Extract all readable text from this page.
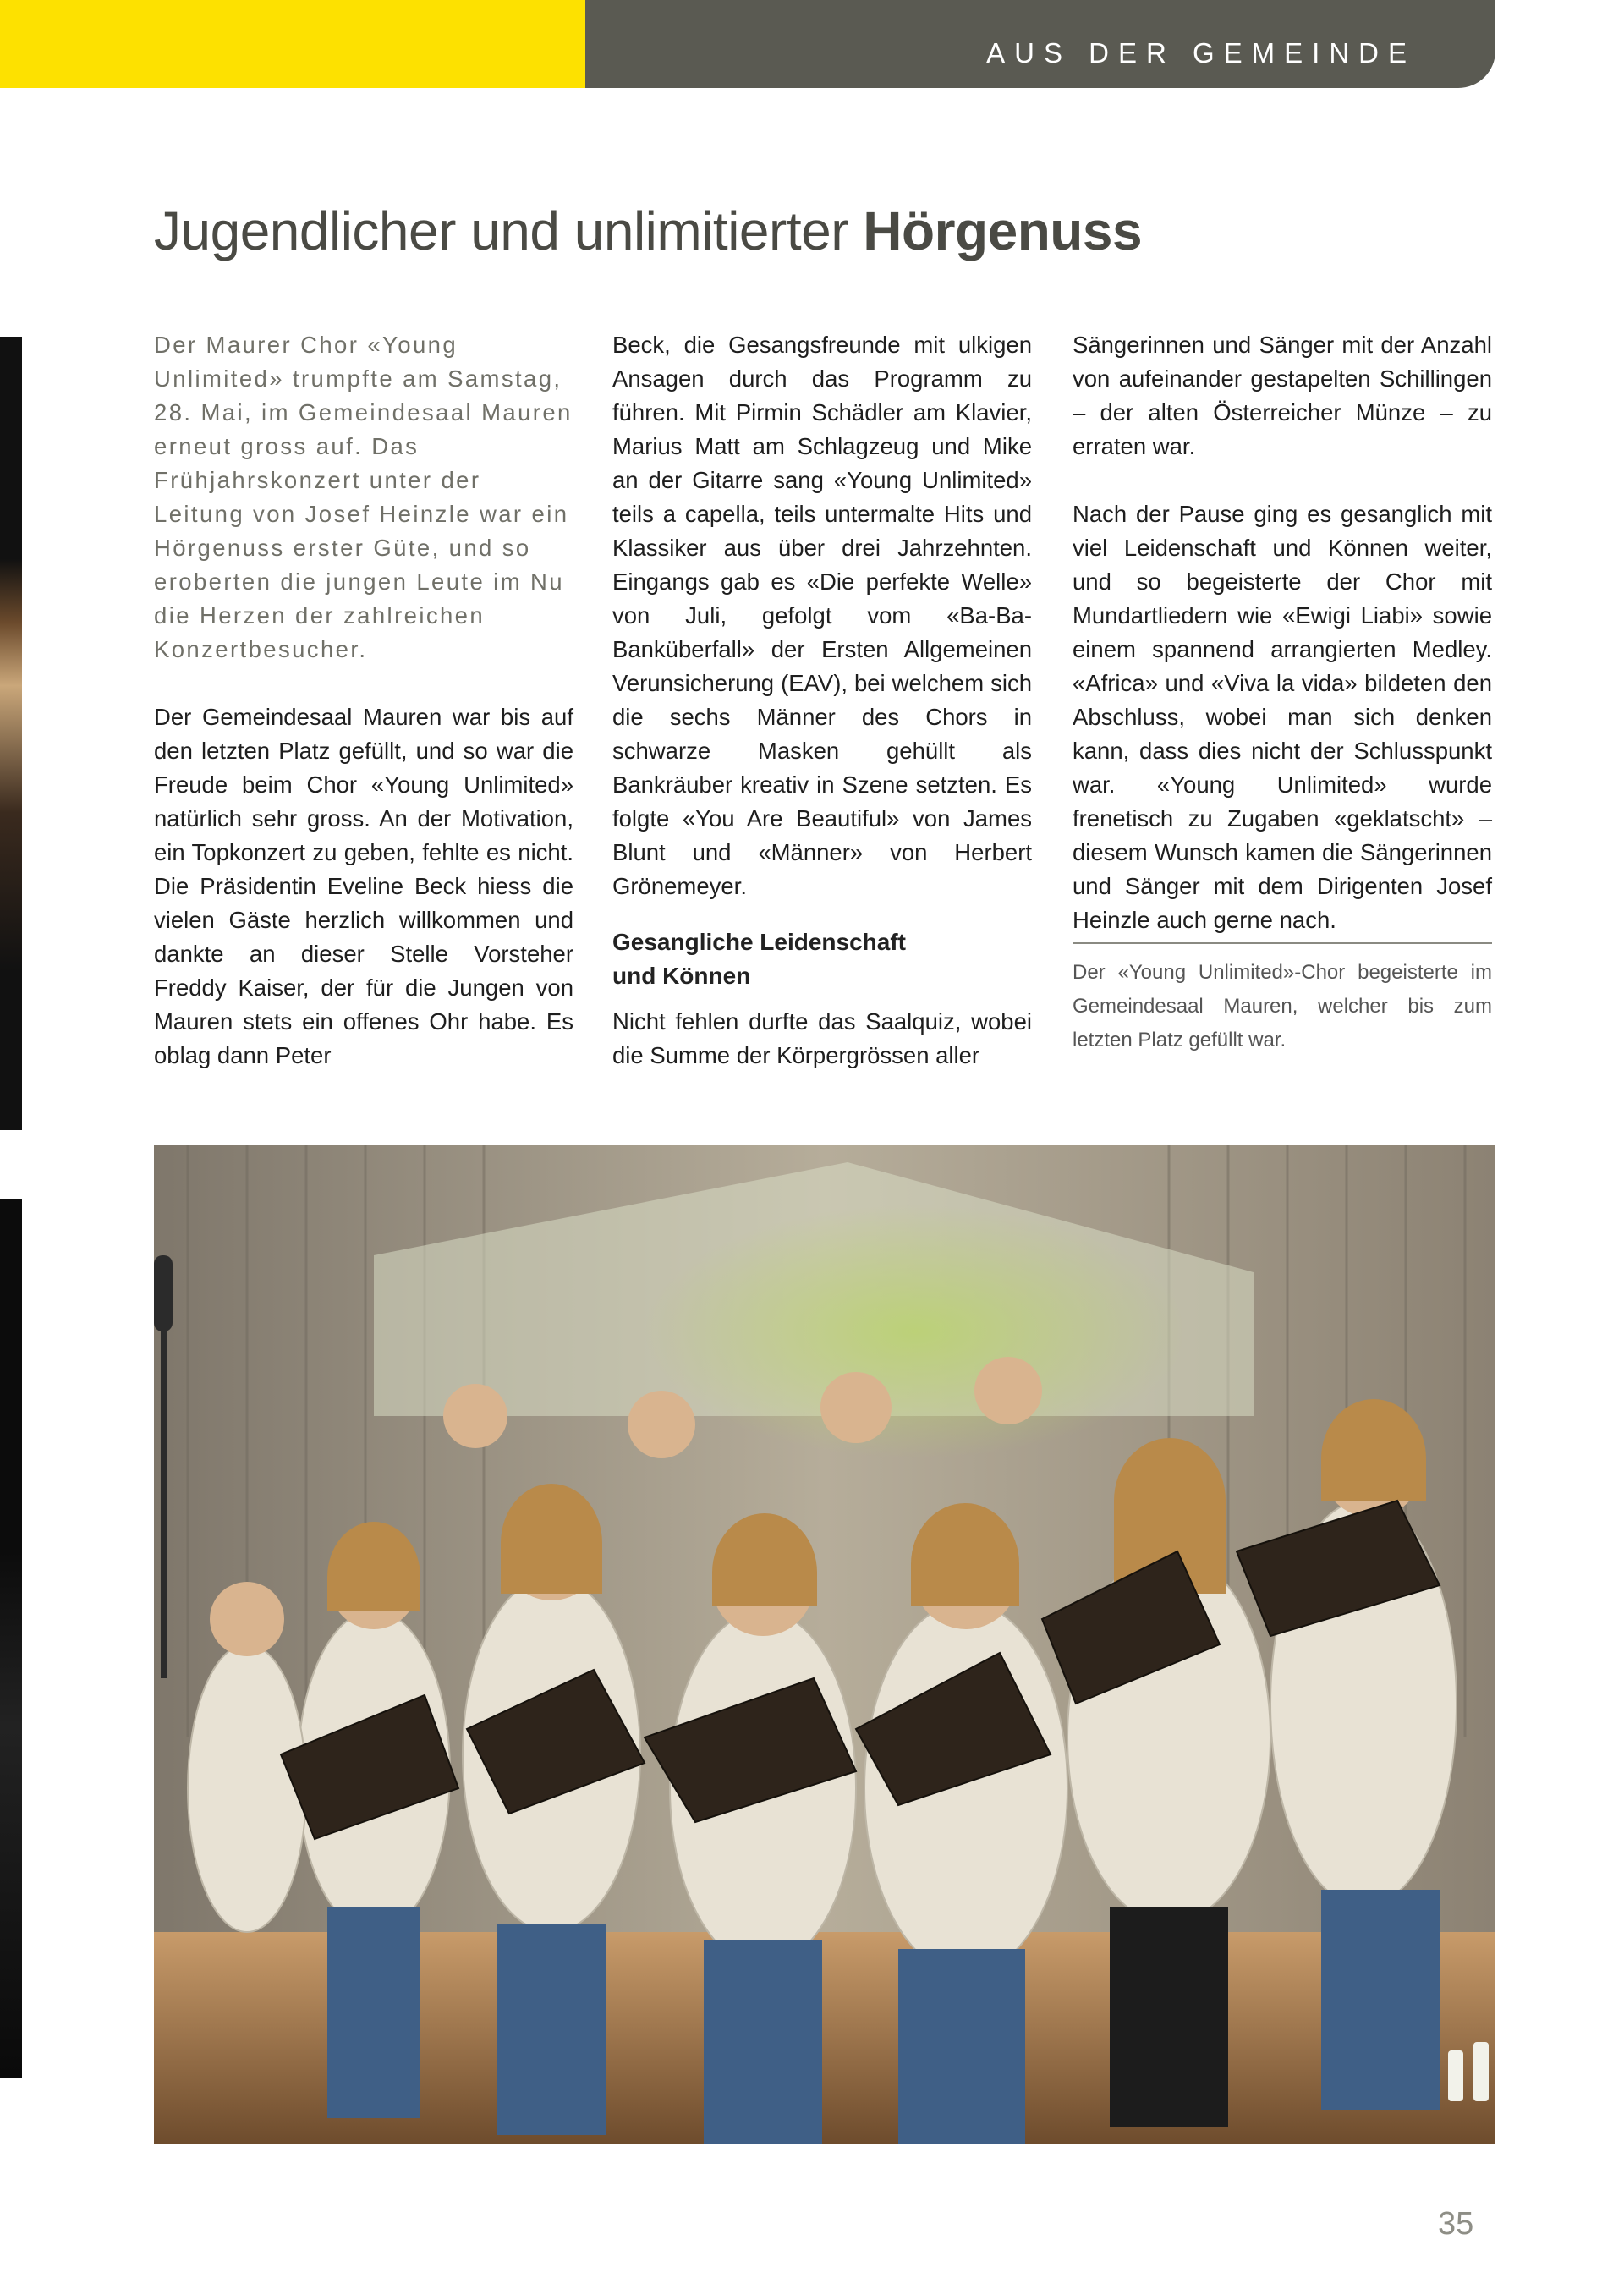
AUS DER GEMEINDE
Jugendlicher und unlimitierter Hörgenuss

Der Maurer Chor «Young Unlimited» trumpfte am Samstag, 28. Mai, im Gemeindesaal Mauren erneut gross auf. Das Frühjahrskonzert unter der Leitung von Josef Heinzle war ein Hörgenuss erster Güte, und so eroberten die jungen Leute im Nu die Herzen der zahlreichen Konzertbesucher.

Der Gemeindesaal Mauren war bis auf den letzten Platz gefüllt, und so war die Freude beim Chor «Young Unlimited» natürlich sehr gross. An der Motivation, ein Topkonzert zu geben, fehlte es nicht. Die Präsidentin Eveline Beck hiess die vielen Gäste herzlich willkommen und dankte an dieser Stelle Vorsteher Freddy Kaiser, der für die Jungen von Mauren stets ein offenes Ohr habe. Es oblag dann Peter

Beck, die Gesangsfreunde mit ulkigen Ansagen durch das Programm zu führen. Mit Pirmin Schädler am Klavier, Marius Matt am Schlagzeug und Mike an der Gitarre sang «Young Unlimited» teils a capella, teils untermalte Hits und Klassiker aus über drei Jahrzehnten. Eingangs gab es «Die perfekte Welle» von Juli, gefolgt vom «Ba-Ba-Banküberfall» der Ersten Allgemeinen Verunsicherung (EAV), bei welchem sich die sechs Männer des Chors in schwarze Masken gehüllt als Bankräuber kreativ in Szene setzten. Es folgte «You Are Beautiful» von James Blunt und «Männer» von Herbert Grönemeyer.

Gesangliche Leidenschaft und Können

Nicht fehlen durfte das Saalquiz, wobei die Summe der Körpergrössen aller

Sängerinnen und Sänger mit der Anzahl von aufeinander gestapelten Schillingen – der alten Österreicher Münze – zu erraten war.

Nach der Pause ging es gesanglich mit viel Leidenschaft und Können weiter, und so begeisterte der Chor mit Mundartliedern wie «Ewigi Liabi» sowie einem spannend arrangierten Medley. «Africa» und «Viva la vida» bildeten den Abschluss, wobei man sich denken kann, dass dies nicht der Schlusspunkt war. «Young Unlimited» wurde frenetisch zu Zugaben «geklatscht» – diesem Wunsch kamen die Sängerinnen und Sänger mit dem Dirigenten Josef Heinzle auch gerne nach.

Der «Young Unlimited»-Chor begeisterte im Gemeindesaal Mauren, welcher bis zum letzten Platz gefüllt war.

35
